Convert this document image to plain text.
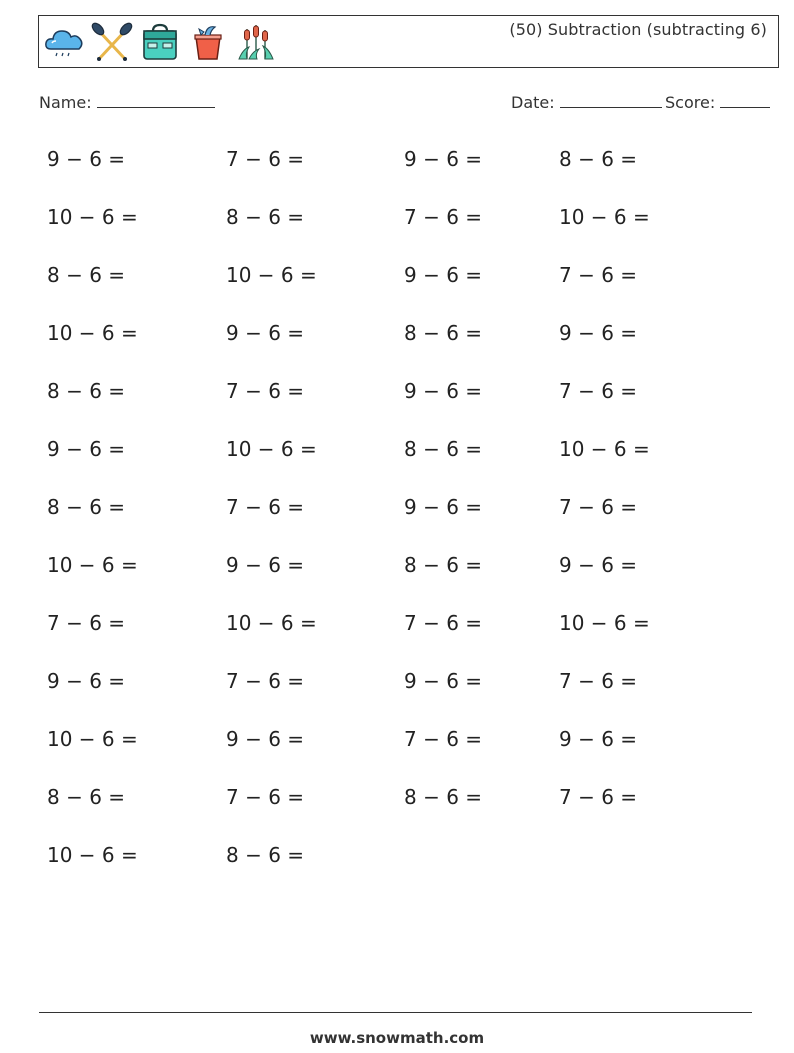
(50) Subtraction (subtracting 6)
Name:	Date:	Score:
9 − 6 =	7 − 6 =	9 − 6 =	8 − 6 =
10 − 6 =	8 − 6 =	7 − 6 =	10 − 6 =
8 − 6 =	10 − 6 =	9 − 6 =	7 − 6 =
10 − 6 =	9 − 6 =	8 − 6 =	9 − 6 =
8 − 6 =	7 − 6 =	9 − 6 =	7 − 6 =
9 − 6 =	10 − 6 =	8 − 6 =	10 − 6 =
8 − 6 =	7 − 6 =	9 − 6 =	7 − 6 =
10 − 6 =	9 − 6 =	8 − 6 =	9 − 6 =
7 − 6 =	10 − 6 =	7 − 6 =	10 − 6 =
9 − 6 =	7 − 6 =	9 − 6 =	7 − 6 =
10 − 6 =	9 − 6 =	7 − 6 =	9 − 6 =
8 − 6 =	7 − 6 =	8 − 6 =	7 − 6 =
10 − 6 =	8 − 6 =
www.snowmath.com
